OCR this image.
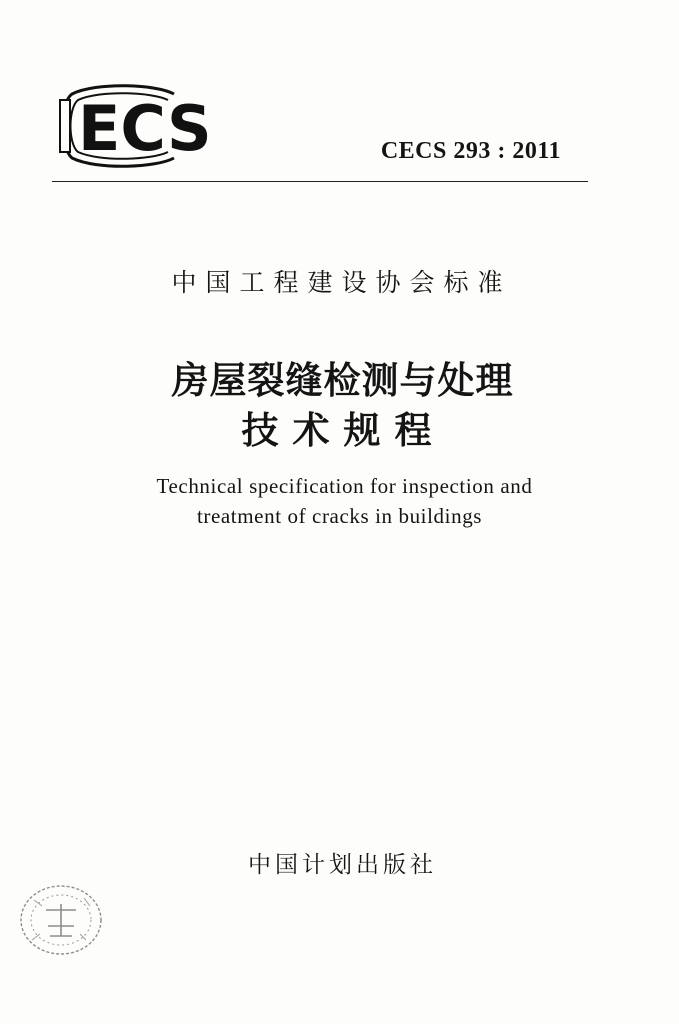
ECS	CECS 293 : 2011
中国工程建设协会标准
房屋裂缝检测与处理
技术规程
Technical specification for inspection and
treatment of cracks in buildings
中国计划出版社
